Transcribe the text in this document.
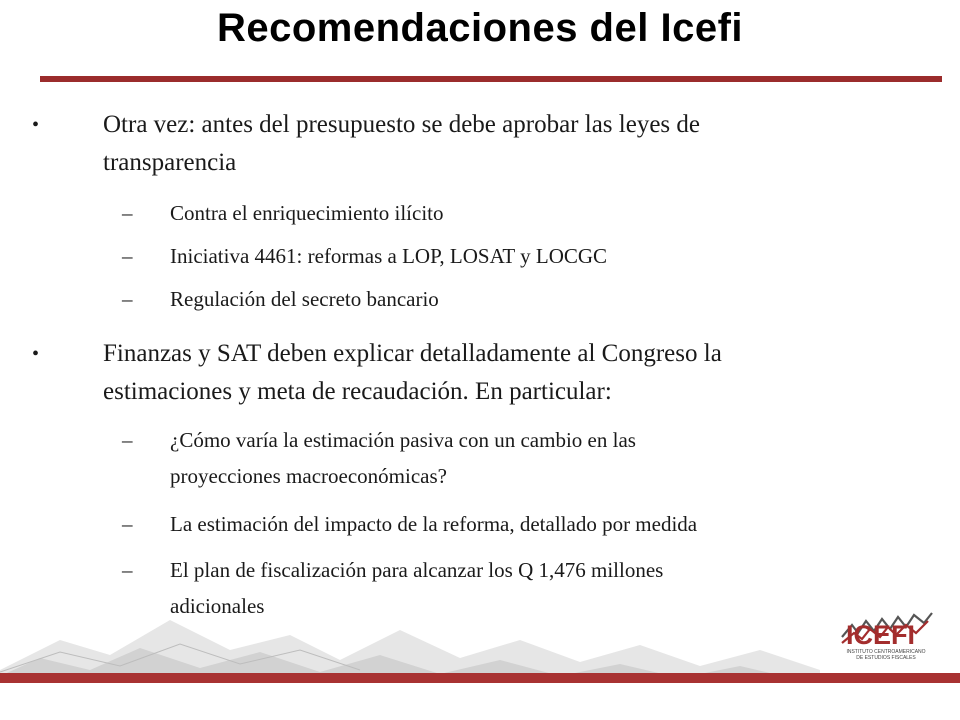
Recomendaciones del Icefi
•	Otra vez: antes del presupuesto se debe aprobar las leyes de
transparencia
– Contra el enriquecimiento ilícito
– Iniciativa 4461: reformas a LOP, LOSAT y LOCGC
– Regulación del secreto bancario
•	Finanzas y SAT deben explicar detalladamente al Congreso la
estimaciones y meta de recaudación. En particular:
– ¿Cómo varía la estimación pasiva con un cambio en las
proyecciones macroeconómicas?
– La estimación del impacto de la reforma, detallado por medida
– El plan de fiscalización para alcanzar los Q 1,476 millones
adicionales
ICEFI
INSTITUTO CENTROAMERICANO
DE ESTUDIOS FISCALES
